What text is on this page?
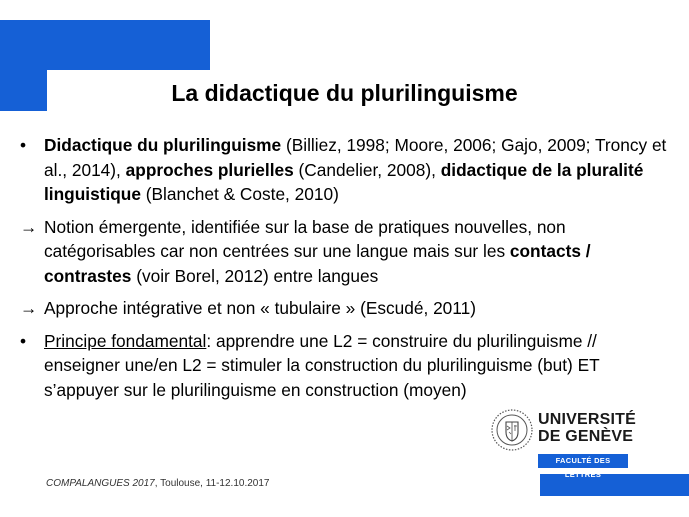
La didactique du plurilinguisme
•	Didactique du plurilinguisme (Billiez, 1998; Moore, 2006; Gajo, 2009; Troncy et al., 2014), approches plurielles (Candelier, 2008), didactique de la pluralité linguistique (Blanchet & Coste, 2010)
→ Notion émergente, identifiée sur la base de pratiques nouvelles, non catégorisables car non centrées sur une langue mais sur les contacts / contrastes (voir Borel, 2012) entre langues
→ Approche intégrative et non « tubulaire » (Escudé, 2011)
•	Principe fondamental: apprendre une L2 = construire du plurilinguisme // enseigner une/en L2 = stimuler la construction du plurilinguisme (but) ET s’appuyer sur le plurilinguisme en construction (moyen)
UNIVERSITÉ
DE GENÈVE
FACULTÉ DES LETTRES
COMPALANGUES 2017, Toulouse, 11-12.10.2017
